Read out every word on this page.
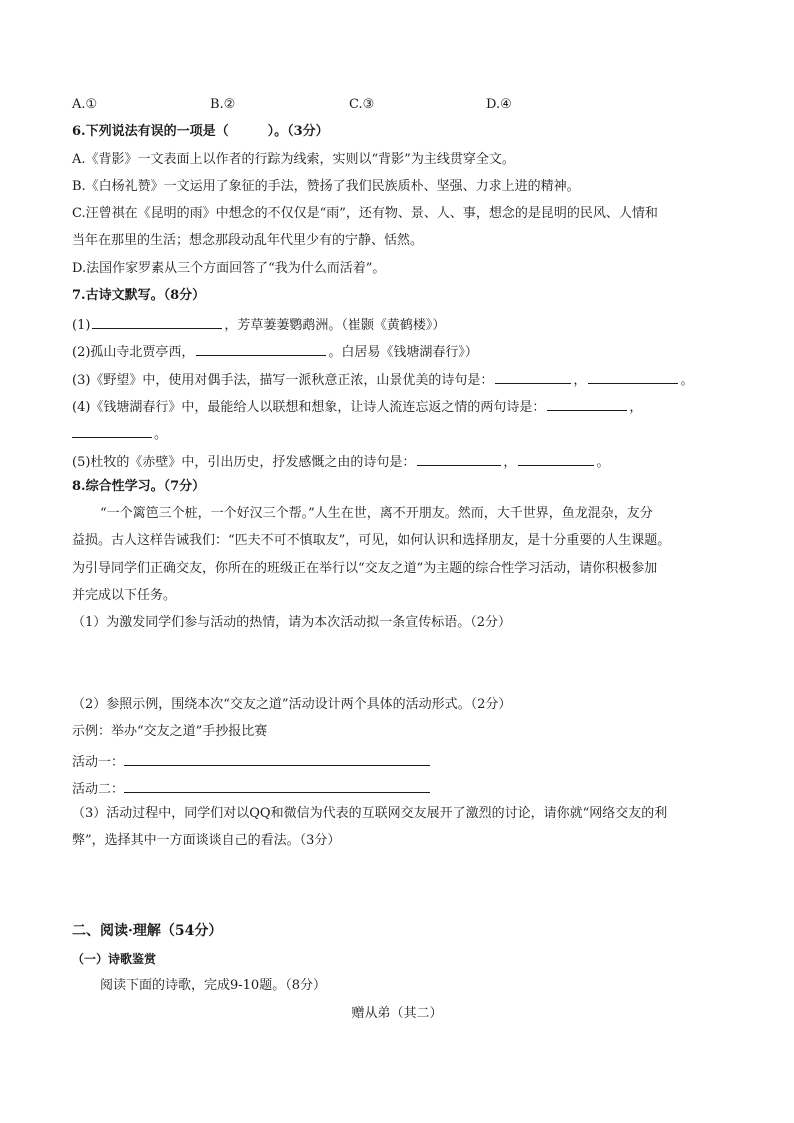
A.①	B.②	C.③	D.④
6.下列说法有误的一项是（　　　）。（3分）
A.《背影》一文表面上以作者的行踪为线索，实则以“背影”为主线贯穿全文。
B.《白杨礼赞》一文运用了象征的手法，赞扬了我们民族质朴、坚强、力求上进的精神。
C.汪曾祺在《昆明的雨》中想念的不仅仅是“雨”，还有物、景、人、事，想念的是昆明的民风、人情和
当年在那里的生活；想念那段动乱年代里少有的宁静、恬然。
D.法国作家罗素从三个方面回答了“我为什么而活着”。
7.古诗文默写。（8分）
(1)	，芳草萋萋鹦鹉洲。（崔颢《黄鹤楼》）
(2)孤山寺北贾亭西，	。白居易《钱塘湖春行》）
(3)《野望》中，使用对偶手法，描写一派秋意正浓，山景优美的诗句是：	，	。
(4)《钱塘湖春行》中，最能给人以联想和想象，让诗人流连忘返之情的两句诗是：	，
。
(5)杜牧的《赤壁》中，引出历史，抒发感慨之由的诗句是：	，	。
8.综合性学习。（7分）
“一个篱笆三个桩，一个好汉三个帮。”人生在世，离不开朋友。然而，大千世界，鱼龙混杂，友分
益损。古人这样告诫我们：“匹夫不可不慎取友”，可见，如何认识和选择朋友，是十分重要的人生课题。
为引导同学们正确交友，你所在的班级正在举行以“交友之道”为主题的综合性学习活动，请你积极参加
并完成以下任务。
（1）为激发同学们参与活动的热情，请为本次活动拟一条宣传标语。（2分）
（2）参照示例，围绕本次“交友之道”活动设计两个具体的活动形式。（2分）
示例：举办“交友之道”手抄报比赛
活动一：
活动二：
（3）活动过程中，同学们对以QQ和微信为代表的互联网交友展开了激烈的讨论，请你就“网络交友的利
弊”，选择其中一方面谈谈自己的看法。（3分）
二、阅读·理解（54分）
（一）诗歌鉴赏
阅读下面的诗歌，完成9-10题。（8分）
赠从弟（其二）
